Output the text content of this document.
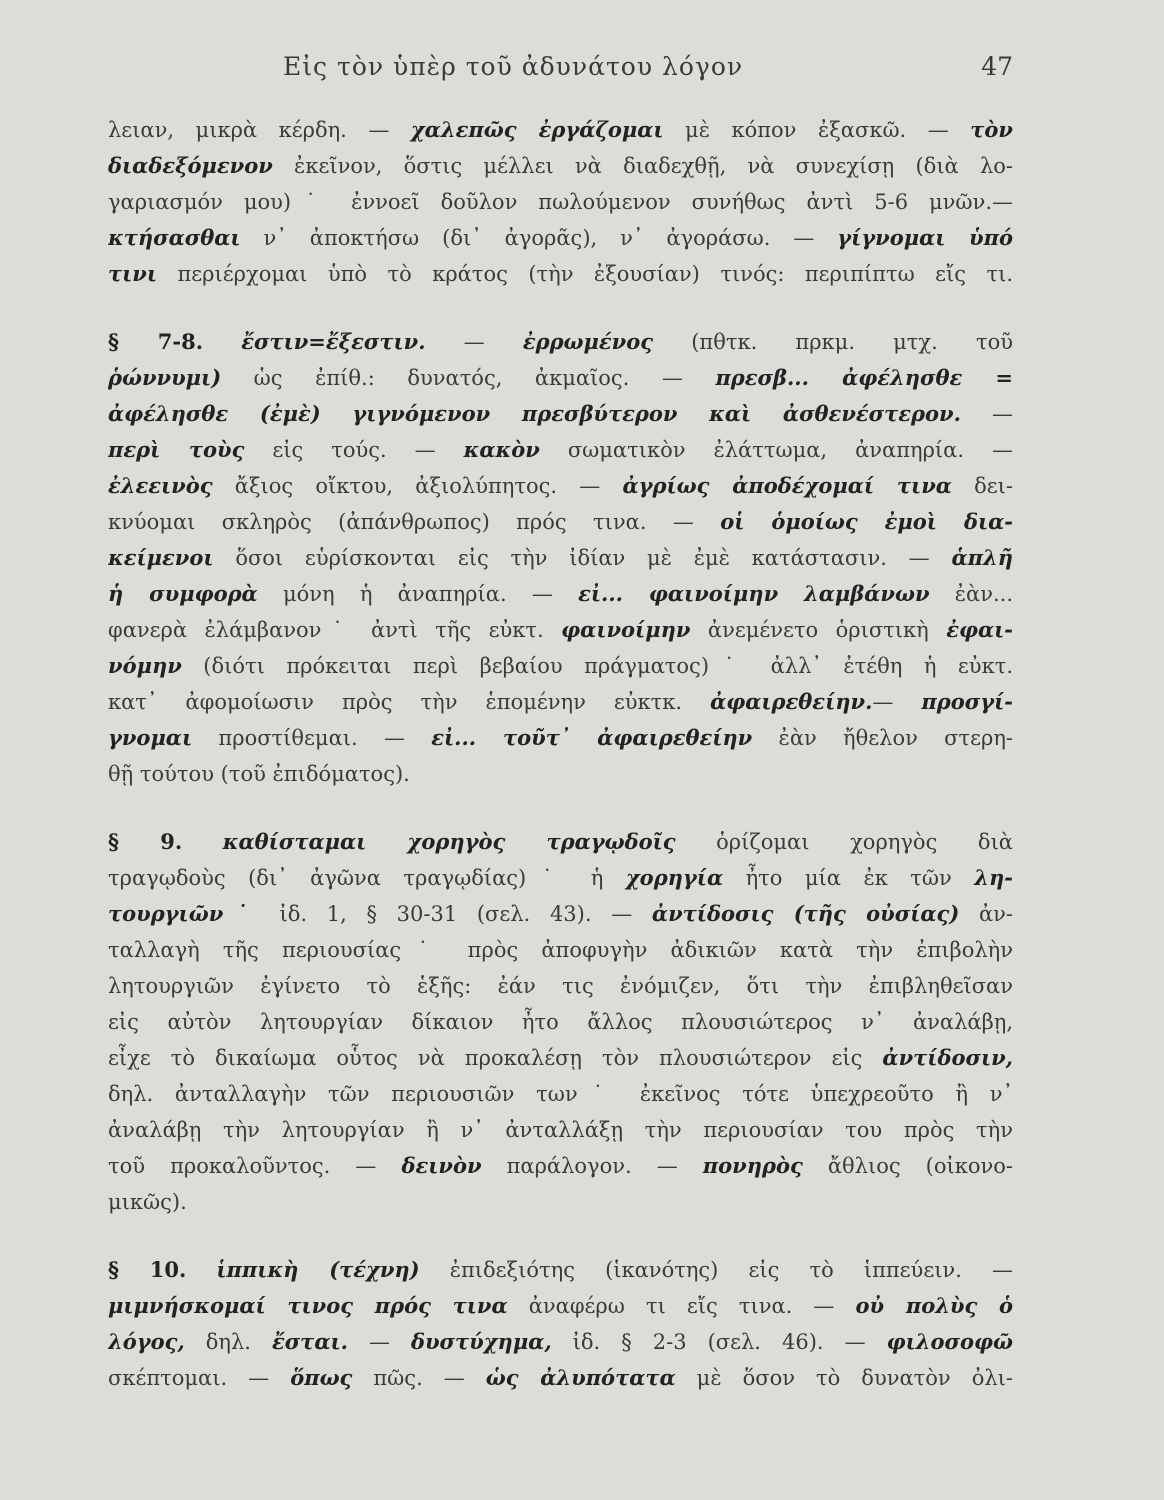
Εἰς τὸν ὑπὲρ τοῦ ἀδυνάτου λόγον	47
λειαν, μικρὰ κέρδη. — χαλεπῶς ἐργάζομαι μὲ κόπον ἐξασκῶ. — τὸν
διαδεξόμενον ἐκεῖνον, ὅστις μέλλει νὰ διαδεχθῇ, νὰ συνεχίσῃ (διὰ λο-
γαριασμόν μου)˙ ἐννοεῖ δοῦλον πωλούμενον συνήθως ἀντὶ 5-6 μνῶν.—
κτήσασθαι ν᾿ ἀποκτήσω (δι᾿ ἀγορᾶς), ν᾿ ἀγοράσω. — γίγνομαι ὑπό
τινι περιέρχομαι ὑπὸ τὸ κράτος (τὴν ἐξουσίαν) τινός: περιπίπτω εἴς τι.
§ 7-8. ἔστιν=ἔξεστιν. — ἐρρωμένος (πθτκ. πρκμ. μτχ. τοῦ
ῥώννυμι) ὡς ἐπίθ.: δυνατός, ἀκμαῖος. — πρεσβ... ἀφέλησθε =
ἀφέλησθε (ἐμὲ) γιγνόμενον πρεσβύτερον καὶ ἀσθενέστερον. —
περὶ τοὺς εἰς τούς. — κακὸν σωματικὸν ἐλάττωμα, ἀναπηρία. —
ἐλεεινὸς ἄξιος οἴκτου, ἀξιολύπητος. — ἀγρίως ἀποδέχομαί τινα δει-
κνύομαι σκληρὸς (ἀπάνθρωπος) πρός τινα. — οἱ ὁμοίως ἐμοὶ δια-
κείμενοι ὅσοι εὑρίσκονται εἰς τὴν ἰδίαν μὲ ἐμὲ κατάστασιν. — ἁπλῆ
ἡ συμφορὰ μόνη ἡ ἀναπηρία. — εἰ... φαινοίμην λαμβάνων ἐὰν...
φανερὰ ἐλάμβανον˙ ἀντὶ τῆς εὐκτ. φαινοίμην ἀνεμένετο ὁριστικὴ ἐφαι-
νόμην (διότι πρόκειται περὶ βεβαίου πράγματος)˙ ἀλλ᾿ ἐτέθη ἡ εὐκτ.
κατ᾿ ἀφομοίωσιν πρὸς τὴν ἑπομένην εὐκτκ. ἀφαιρεθείην.— προσγί-
γνομαι προστίθεμαι. — εἰ... τοῦτ᾿ ἀφαιρεθείην ἐὰν ἤθελον στερη-
θῇ τούτου (τοῦ ἐπιδόματος).
§ 9. καθίσταμαι χορηγὸς τραγῳδοῖς ὁρίζομαι χορηγὸς διὰ
τραγῳδοὺς (δι᾿ ἀγῶνα τραγῳδίας)˙ ἡ χορηγία ἦτο μία ἐκ τῶν λη-
τουργιῶν˙ ἰδ. 1, § 30-31 (σελ. 43). — ἀντίδοσις (τῆς οὐσίας) ἀν-
ταλλαγὴ τῆς περιουσίας˙ πρὸς ἀποφυγὴν ἀδικιῶν κατὰ τὴν ἐπιβολὴν
λητουργιῶν ἐγίνετο τὸ ἑξῆς: ἐάν τις ἐνόμιζεν, ὅτι τὴν ἐπιβληθεῖσαν
εἰς αὐτὸν λητουργίαν δίκαιον ἦτο ἄλλος πλουσιώτερος ν᾿ ἀναλάβῃ,
εἶχε τὸ δικαίωμα οὗτος νὰ προκαλέσῃ τὸν πλουσιώτερον εἰς ἀντίδοσιν,
δηλ. ἀνταλλαγὴν τῶν περιουσιῶν των˙ ἐκεῖνος τότε ὑπεχρεοῦτο ἢ ν᾿
ἀναλάβῃ τὴν λητουργίαν ἢ ν᾿ ἀνταλλάξῃ τὴν περιουσίαν του πρὸς τὴν
τοῦ προκαλοῦντος. — δεινὸν παράλογον. — πονηρὸς ἄθλιος (οἰκονο-
μικῶς).
§ 10. ἱππικὴ (τέχνη) ἐπιδεξιότης (ἱκανότης) εἰς τὸ ἱππεύειν. —
μιμνήσκομαί τινος πρός τινα ἀναφέρω τι εἴς τινα. — οὐ πολὺς ὁ
λόγος, δηλ. ἔσται. — δυστύχημα, ἰδ. § 2-3 (σελ. 46). — φιλοσοφῶ
σκέπτομαι. — ὅπως πῶς. — ὡς ἀλυπότατα μὲ ὅσον τὸ δυνατὸν ὀλι-
